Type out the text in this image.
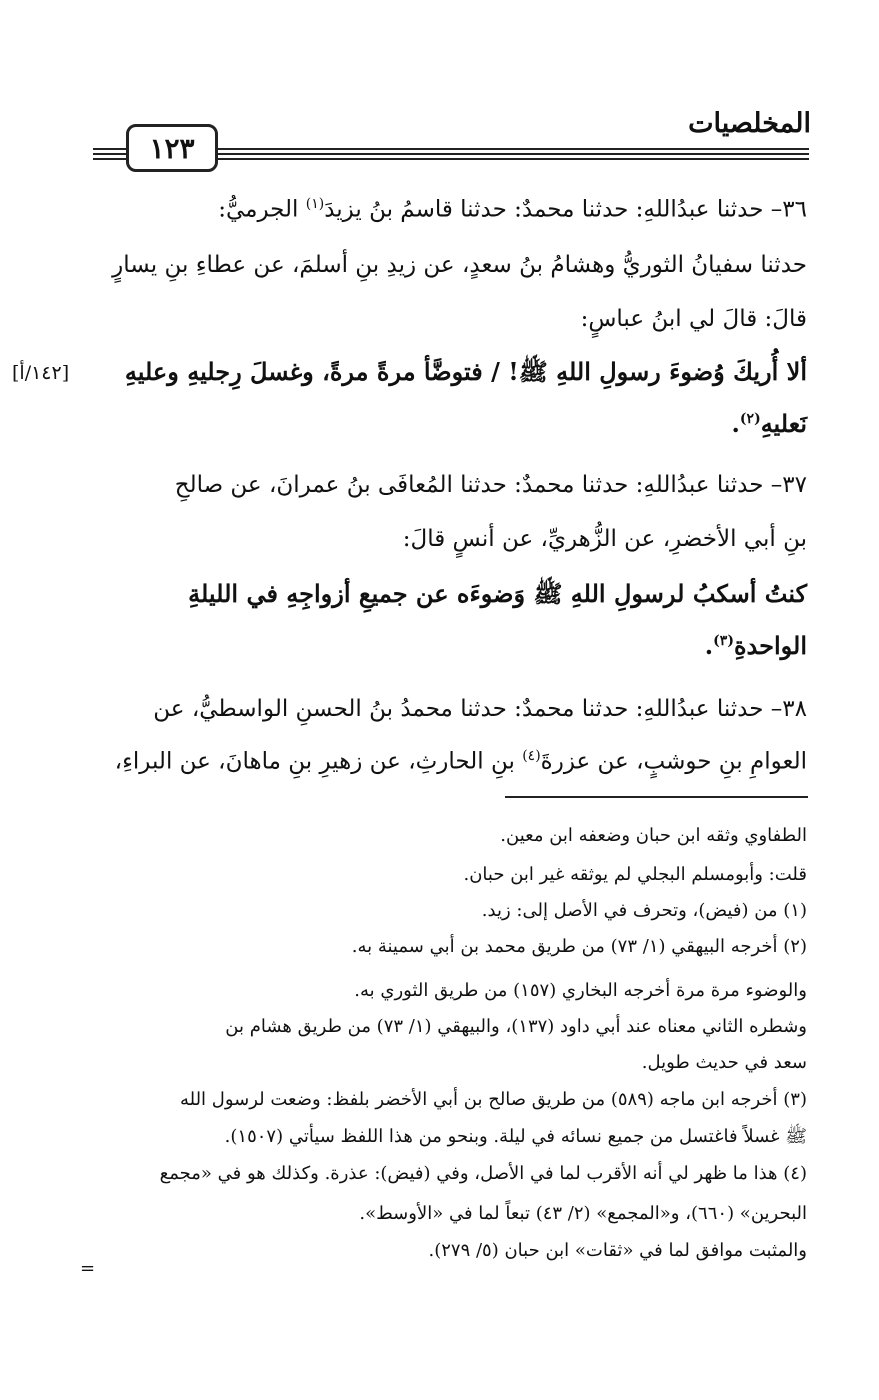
المخلصيات
١٢٣
٣٦– حدثنا عبدُاللهِ: حدثنا محمدٌ: حدثنا قاسمُ بنُ يزيدَ$^{(١)}$ الجرميُّ:
حدثنا سفيانُ الثوريُّ وهشامُ بنُ سعدٍ، عن زيدِ بنِ أسلمَ، عن عطاءِ بنِ يسارٍ
قالَ: قالَ لي ابنُ عباسٍ:
ألا أُريكَ وُضوءَ رسولِ اللهِ ﷺ! / فتوضَّأ مرةً مرةً، وغسلَ رِجليهِ وعليهِ
[١٤٢/أ]
نَعليهِ$^{(٢)}$.
٣٧– حدثنا عبدُاللهِ: حدثنا محمدٌ: حدثنا المُعافَى بنُ عمرانَ، عن صالحِ
بنِ أبي الأخضرِ، عن الزُّهريِّ، عن أنسٍ قالَ:
كنتُ أسكبُ لرسولِ اللهِ ﷺ وَضوءَه عن جميعِ أزواجِهِ في الليلةِ
الواحدةِ$^{(٣)}$.
٣٨– حدثنا عبدُاللهِ: حدثنا محمدٌ: حدثنا محمدُ بنُ الحسنِ الواسطيُّ، عن
العوامِ بنِ حوشبٍ، عن عزرةَ$^{(٤)}$ بنِ الحارثِ، عن زهيرِ بنِ ماهانَ، عن البراءِ،
الطفاوي وثقه ابن حبان وضعفه ابن معين.
قلت: وأبومسلم البجلي لم يوثقه غير ابن حبان.
(١) من (فيض)، وتحرف في الأصل إلى: زيد.
(٢) أخرجه البيهقي (١/ ٧٣) من طريق محمد بن أبي سمينة به.
والوضوء مرة مرة أخرجه البخاري (١٥٧) من طريق الثوري به.
وشطره الثاني معناه عند أبي داود (١٣٧)، والبيهقي (١/ ٧٣) من طريق هشام بن
سعد في حديث طويل.
(٣) أخرجه ابن ماجه (٥٨٩) من طريق صالح بن أبي الأخضر بلفظ: وضعت لرسول الله
ﷺ غسلاً فاغتسل من جميع نسائه في ليلة. وبنحو من هذا اللفظ سيأتي (١٥٠٧).
(٤) هذا ما ظهر لي أنه الأقرب لما في الأصل، وفي (فيض): عذرة. وكذلك هو في «مجمع
البحرين» (٦٦٠)، و«المجمع» (٢/ ٤٣) تبعاً لما في «الأوسط».
والمثبت موافق لما في «ثقات» ابن حبان (٥/ ٢٧٩).
=
